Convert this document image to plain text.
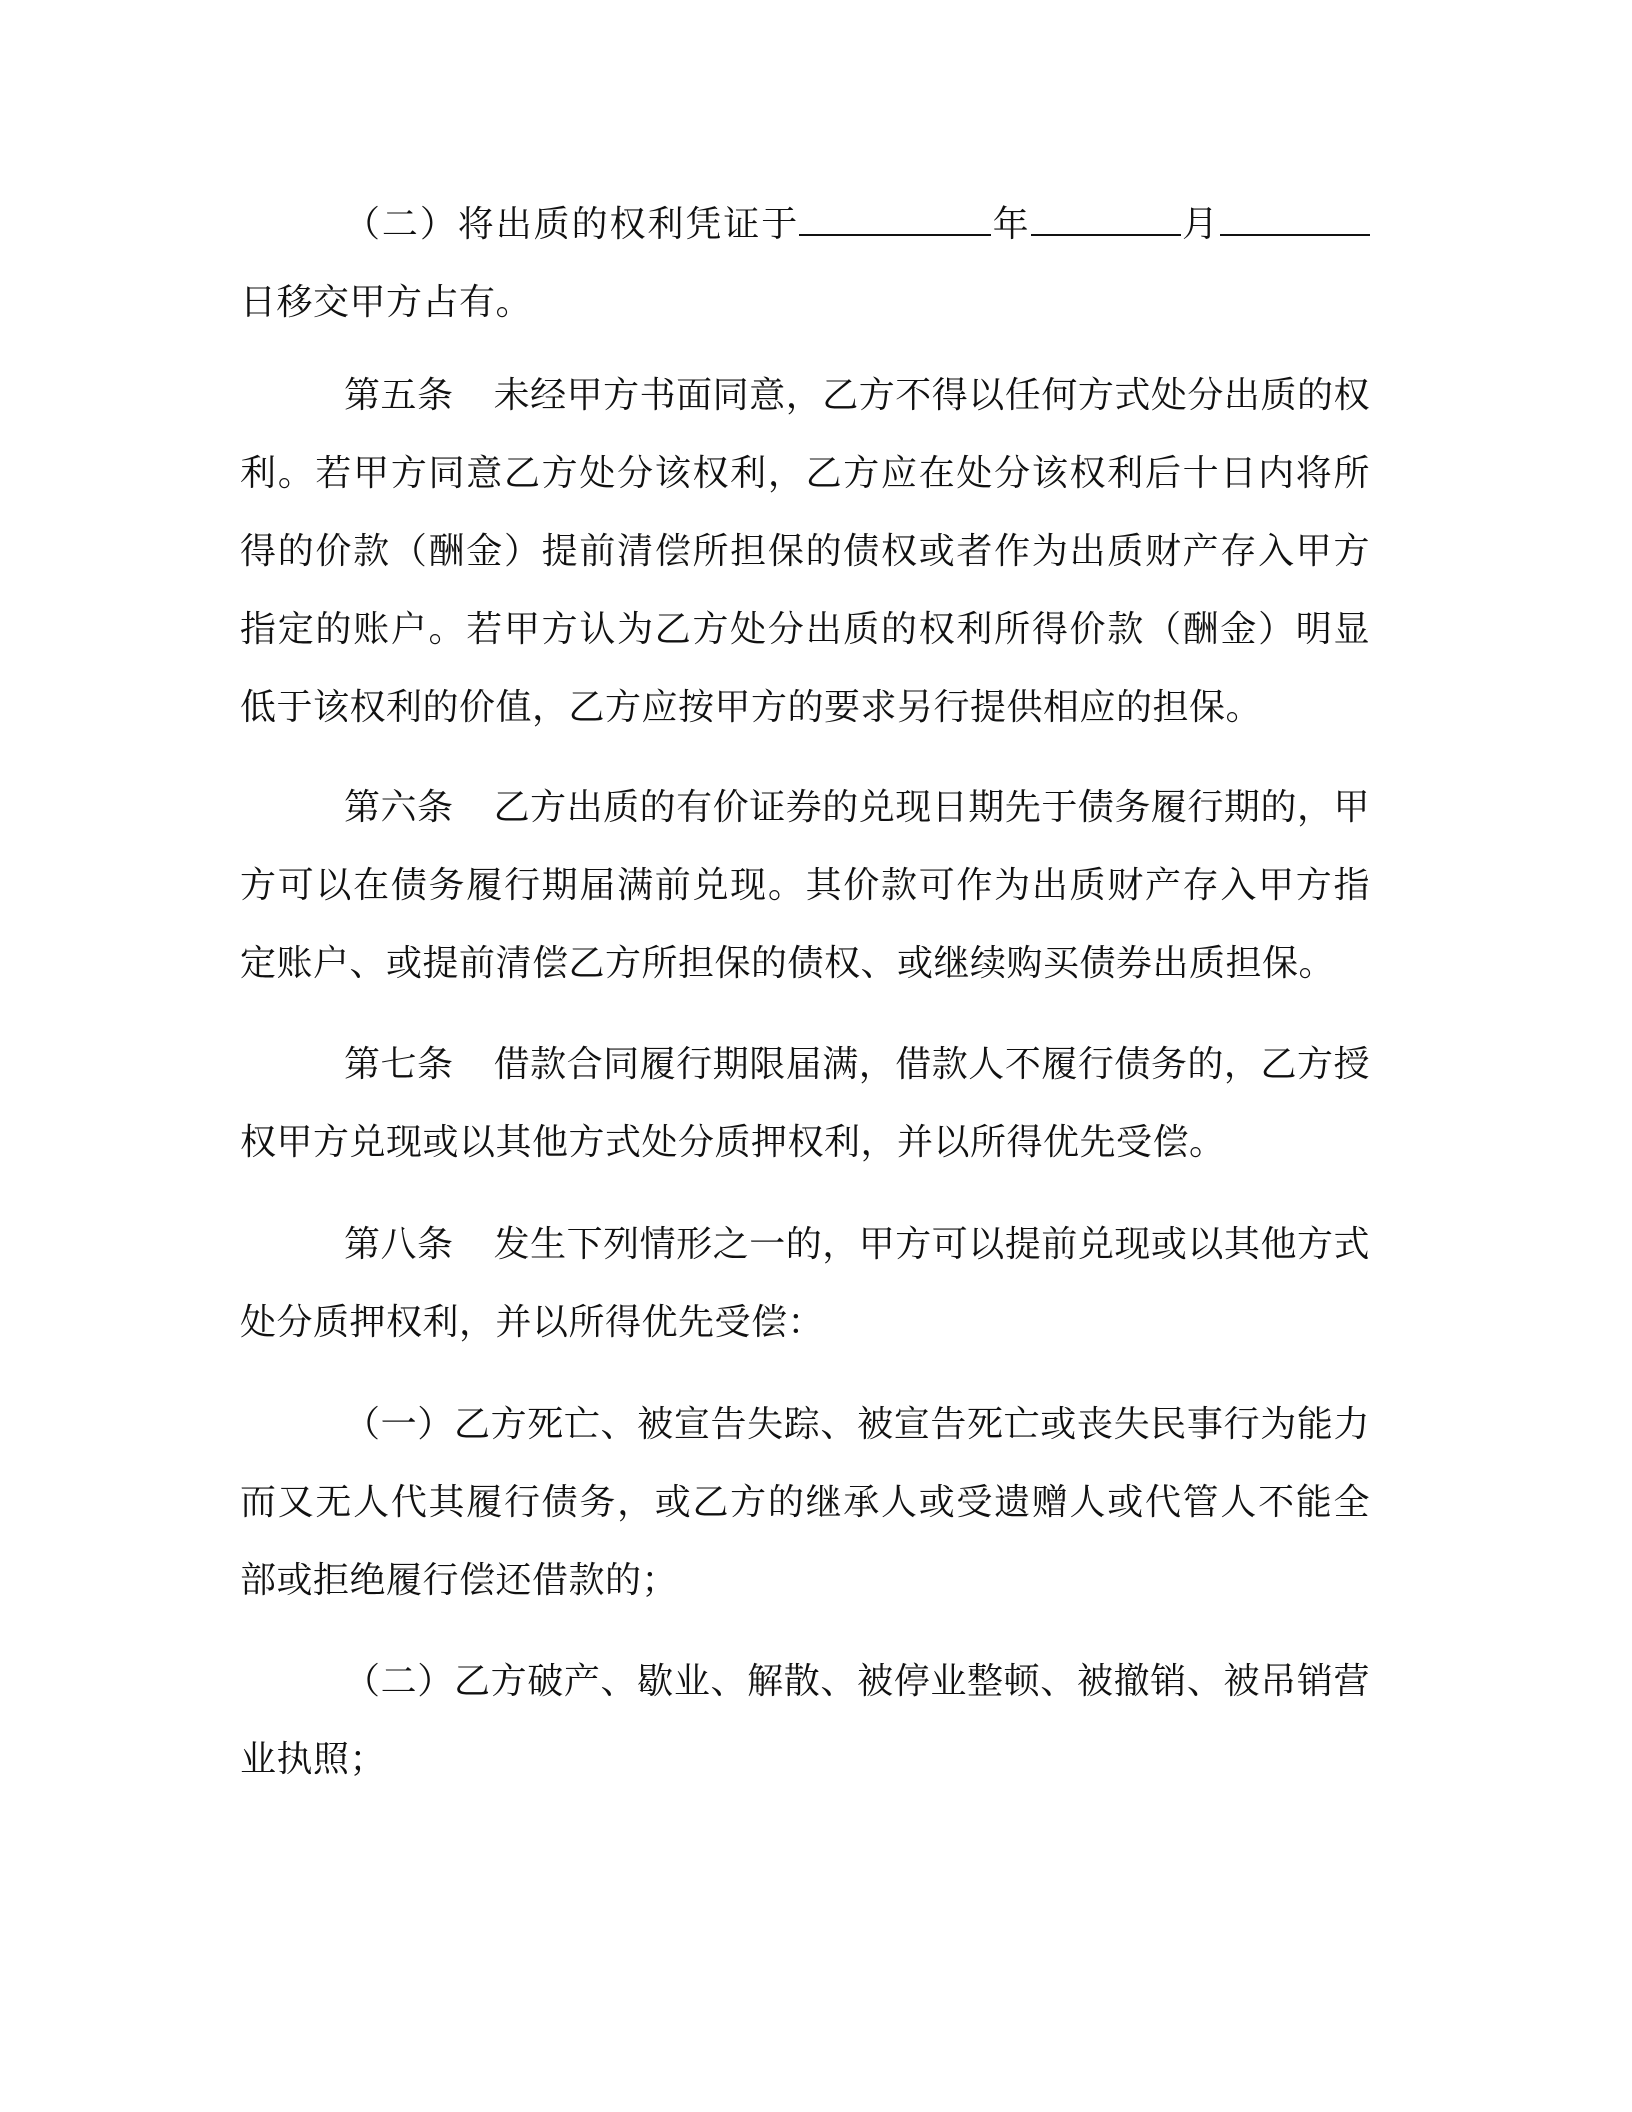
（二）将出质的权利凭证于	年	月日移交甲方占有。

第五条 未经甲方书面同意，乙方不得以任何方式处分出质的权利。若甲方同意乙方处分该权利，乙方应在处分该权利后十日内将所得的价款（酬金）提前清偿所担保的债权或者作为出质财产存入甲方指定的账户。若甲方认为乙方处分出质的权利所得价款（酬金）明显低于该权利的价值，乙方应按甲方的要求另行提供相应的担保。

第六条 乙方出质的有价证券的兑现日期先于债务履行期的，甲方可以在债务履行期届满前兑现。其价款可作为出质财产存入甲方指定账户、或提前清偿乙方所担保的债权、或继续购买债券出质担保。

第七条 借款合同履行期限届满，借款人不履行债务的，乙方授权甲方兑现或以其他方式处分质押权利，并以所得优先受偿。

第八条 发生下列情形之一的，甲方可以提前兑现或以其他方式处分质押权利，并以所得优先受偿：

（一）乙方死亡、被宣告失踪、被宣告死亡或丧失民事行为能力而又无人代其履行债务，或乙方的继承人或受遗赠人或代管人不能全部或拒绝履行偿还借款的；

（二）乙方破产、歇业、解散、被停业整顿、被撤销、被吊销营业执照；
